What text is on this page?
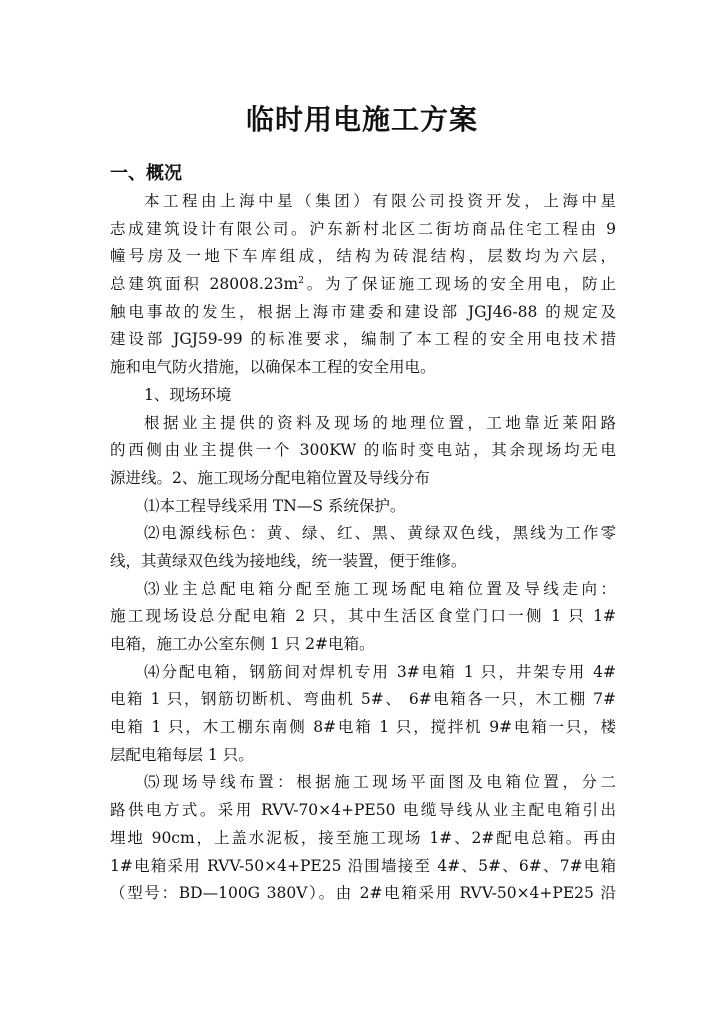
临时用电施工方案
一、概况
本工程由上海中星（集团）有限公司投资开发，上海中星
志成建筑设计有限公司。沪东新村北区二街坊商品住宅工程由 9
幢号房及一地下车库组成，结构为砖混结构，层数均为六层，
总建筑面积 $28008.23m^2$。为了保证施工现场的安全用电，防止
触电事故的发生，根据上海市建委和建设部 JGJ46-88 的规定及
建设部 JGJ59-99 的标准要求，编制了本工程的安全用电技术措
施和电气防火措施，以确保本工程的安全用电。
1、现场环境
根据业主提供的资料及现场的地理位置，工地靠近莱阳路
的西侧由业主提供一个 300KW 的临时变电站，其余现场均无电
源进线。2、施工现场分配电箱位置及导线分布
⑴本工程导线采用 TN—S 系统保护。
⑵电源线标色：黄、绿、红、黑、黄绿双色线，黑线为工作零
线，其黄绿双色线为接地线，统一装置，便于维修。
⑶业主总配电箱分配至施工现场配电箱位置及导线走向：
施工现场设总分配电箱 2 只，其中生活区食堂门口一侧 1 只 1#
电箱，施工办公室东侧 1 只 2#电箱。
⑷分配电箱，钢筋间对焊机专用 3#电箱 1 只，井架专用 4#
电箱 1 只，钢筋切断机、弯曲机 5#、 6#电箱各一只，木工棚 7#
电箱 1 只，木工棚东南侧 8#电箱 1 只，搅拌机 9#电箱一只，楼
层配电箱每层 1 只。
⑸现场导线布置：根据施工现场平面图及电箱位置，分二
路供电方式。采用 RVV-70×4+PE50 电缆导线从业主配电箱引出
埋地 90cm，上盖水泥板，接至施工现场 1#、2#配电总箱。再由
1#电箱采用 RVV-50×4+PE25 沿围墙接至 4#、5#、6#、7#电箱
（型号：BD—100G 380V）。由 2#电箱采用 RVV-50×4+PE25 沿
